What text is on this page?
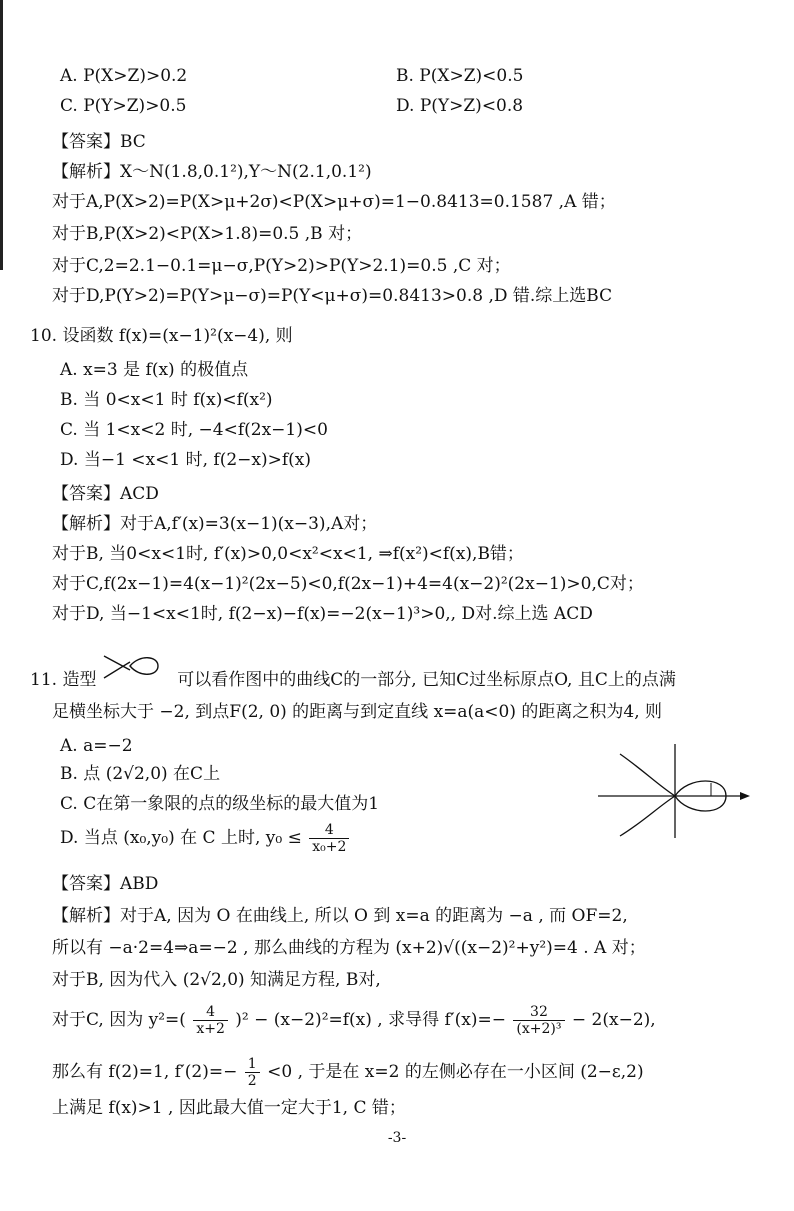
A. P(X>Z)>0.2	B. P(X>Z)<0.5
C. P(Y>Z)>0.5	D. P(Y>Z)<0.8
【答案】BC
【解析】X～N(1.8,0.1²),Y～N(2.1,0.1²)
对于A,P(X>2)=P(X>μ+2σ)<P(X>μ+σ)=1−0.8413=0.1587 ,A 错；
对于B,P(X>2)<P(X>1.8)=0.5 ,B 对；
对于C,2=2.1−0.1=μ−σ,P(Y>2)>P(Y>2.1)=0.5 ,C 对；
对于D,P(Y>2)=P(Y>μ−σ)=P(Y<μ+σ)=0.8413>0.8 ,D 错.综上选BC
10. 设函数 f(x)=(x−1)²(x−4), 则
A. x=3 是 f(x) 的极值点
B. 当 0<x<1 时 f(x)<f(x²)
C. 当 1<x<2 时, −4<f(2x−1)<0
D. 当−1 <x<1 时, f(2−x)>f(x)
【答案】ACD
【解析】对于A,f′(x)=3(x−1)(x−3),A对；
对于B, 当0<x<1时, f′(x)>0,0<x²<x<1, ⇒f(x²)<f(x),B错；
对于C,f(2x−1)=4(x−1)²(2x−5)<0,f(2x−1)+4=4(x−2)²(2x−1)>0,C对；
对于D, 当−1<x<1时, f(2−x)−f(x)=−2(x−1)³>0,, D对.综上选 ACD
11. 造型	可以看作图中的曲线C的一部分, 已知C过坐标原点O, 且C上的点满
足横坐标大于 −2, 到点F(2, 0) 的距离与到定直线 x=a(a<0) 的距离之积为4, 则
A. a=−2
B. 点 (2√2,0) 在C上
C. C在第一象限的点的级坐标的最大值为1
D. 当点 (x₀,y₀) 在 C 上时, $y_0 \le \frac{4}{\text{x₀+2}}$
【答案】ABD
【解析】对于A, 因为 O 在曲线上, 所以 O 到 x=a 的距离为 −a , 而 OF=2,
所以有 −a·2=4⇒a=−2 , 那么曲线的方程为 (x+2)√((x−2)²+y²)=4 . A 对；
对于B, 因为代入 (2√2,0) 知满足方程, B对,
对于C, 因为 $y^2=( \frac{4}{x+2} )^2 - (x-2)^2=f(x)$ , 求导得 $f'(x)=- \frac{32}{\text{(x+2)³}} - 2(x-2)$,
那么有 f(2)=1, $f'(2)=- \frac{1}{2} <0$ , 于是在 x=2 的左侧必存在一小区间 (2−ε,2)
上满足 f(x)>1 , 因此最大值一定大于1, C 错；
-3-
